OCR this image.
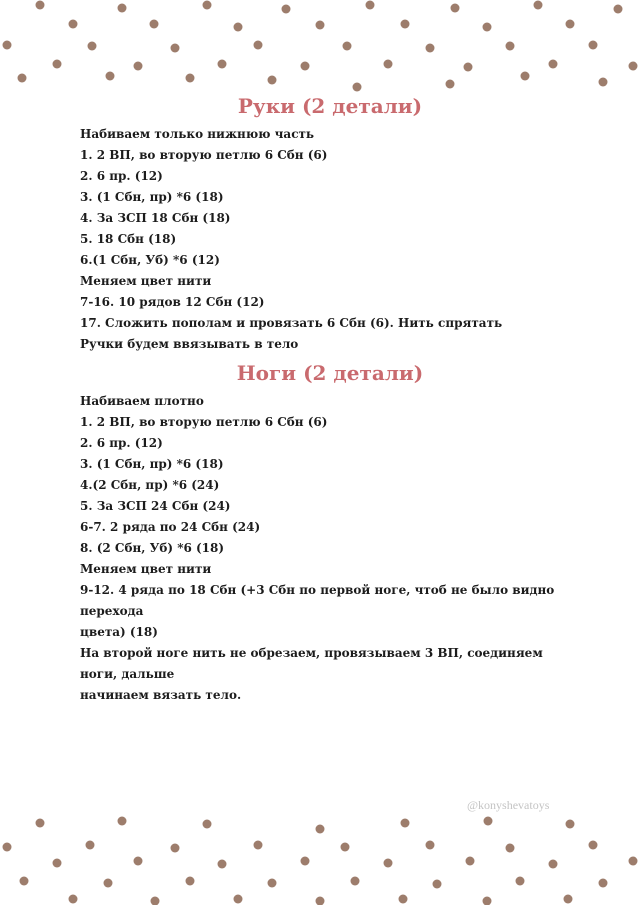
Руки (2 детали)

Набиваем только нижнюю часть

1. 2 ВП, во вторую петлю 6 Сбн (6)

2. 6 пр. (12)

3. (1 Сбн, пр) *6 (18)

4. За ЗСП 18 Сбн (18)

5. 18 Сбн (18)

6.(1 Сбн, Уб) *6 (12)

Меняем цвет нити

7-16. 10 рядов 12 Сбн (12)

17. Сложить пополам и провязать 6 Сбн (6). Нить спрятать

Ручки будем ввязывать в тело

Ноги (2 детали)

Набиваем плотно

1. 2 ВП, во вторую петлю 6 Сбн (6)

2. 6 пр. (12)

3. (1 Сбн, пр) *6 (18)

4.(2 Сбн, пр) *6 (24)

5. За ЗСП 24 Сбн (24)

6-7. 2 ряда по 24 Сбн (24)

8. (2 Сбн, Уб) *6 (18)

Меняем цвет нити

9-12. 4 ряда по 18 Сбн (+3 Сбн по первой ноге, чтоб не было видно перехода

цвета) (18)

На второй ноге нить не обрезаем, провязываем 3 ВП, соединяем ноги, дальше

начинаем вязать тело.

@konyshevatoys
